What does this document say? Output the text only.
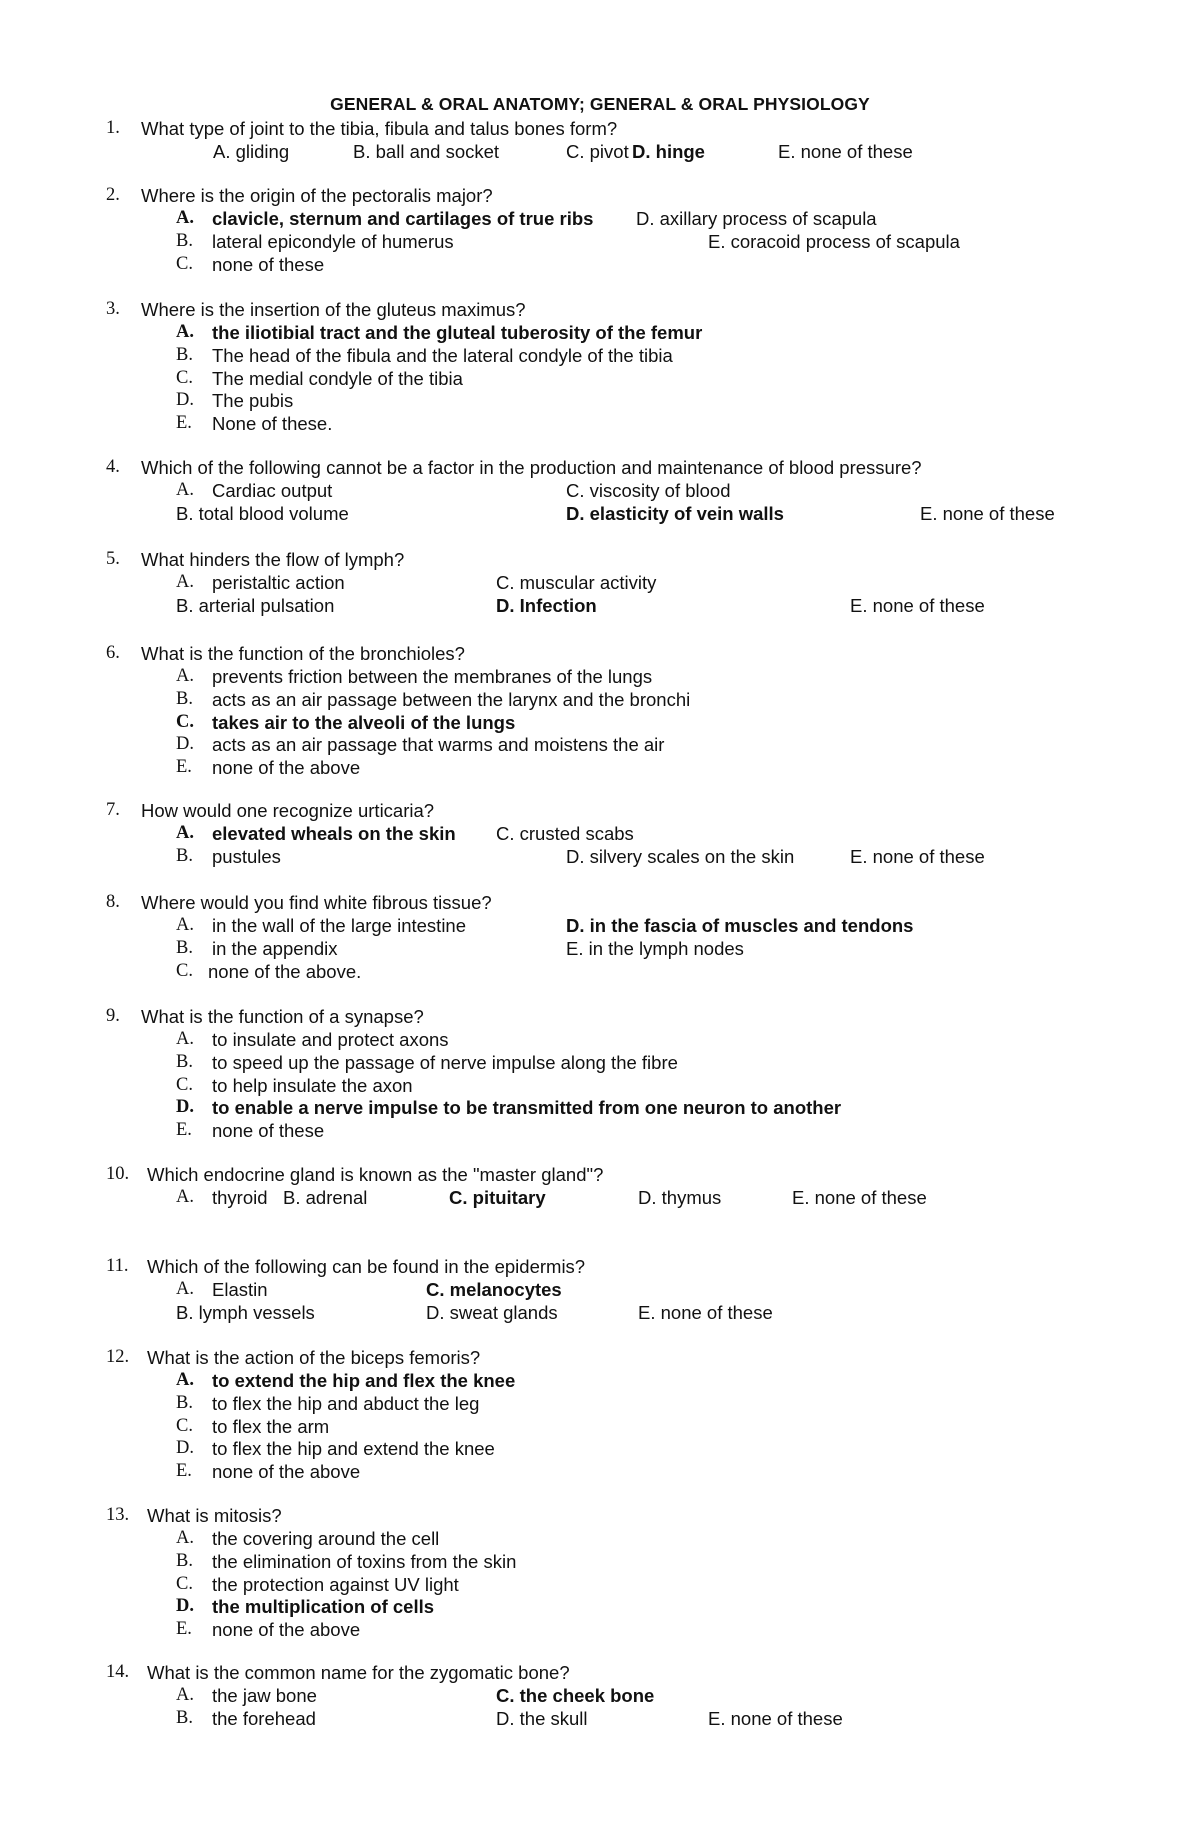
GENERAL & ORAL ANATOMY; GENERAL & ORAL PHYSIOLOGY
1. What type of joint to the tibia, fibula and talus bones form?
A. gliding	B. ball and socket	C. pivot D. hinge	E. none of these
2. Where is the origin of the pectoralis major?
A. clavicle, sternum and cartilages of true ribs D. axillary process of scapula
B. lateral epicondyle of humerus	E. coracoid process of scapula
C. none of these
3. Where is the insertion of the gluteus maximus?
A. the iliotibial tract and the gluteal tuberosity of the femur
B. The head of the fibula and the lateral condyle of the tibia
C. The medial condyle of the tibia
D. The pubis
E. None of these.
4. Which of the following cannot be a factor in the production and maintenance of blood pressure?
A. Cardiac output	C. viscosity of blood
B. total blood volume	D. elasticity of vein walls	E. none of these
5. What hinders the flow of lymph?
A. peristaltic action	C. muscular activity
B. arterial pulsation	D. Infection	E. none of these
6. What is the function of the bronchioles?
A. prevents friction between the membranes of the lungs
B. acts as an air passage between the larynx and the bronchi
C. takes air to the alveoli of the lungs
D. acts as an air passage that warms and moistens the air
E. none of the above
7. How would one recognize urticaria?
A. elevated wheals on the skin C. crusted scabs
B. pustules	D. silvery scales on the skin	E. none of these
8. Where would you find white fibrous tissue?
A. in the wall of the large intestine	D. in the fascia of muscles and tendons
B. in the appendix	E. in the lymph nodes
C. none of the above.
9. What is the function of a synapse?
A. to insulate and protect axons
B. to speed up the passage of nerve impulse along the fibre
C. to help insulate the axon
D. to enable a nerve impulse to be transmitted from one neuron to another
E. none of these
10. Which endocrine gland is known as the "master gland"?
A. thyroid B. adrenal	C. pituitary	D. thymus	E. none of these
11. Which of the following can be found in the epidermis?
A. Elastin	C. melanocytes
B. lymph vessels	D. sweat glands	E. none of these
12. What is the action of the biceps femoris?
A. to extend the hip and flex the knee
B. to flex the hip and abduct the leg
C. to flex the arm
D. to flex the hip and extend the knee
E. none of the above
13. What is mitosis?
A. the covering around the cell
B. the elimination of toxins from the skin
C. the protection against UV light
D. the multiplication of cells
E. none of the above
14. What is the common name for the zygomatic bone?
A. the jaw bone	C. the cheek bone
B. the forehead	D. the skull	E. none of these
